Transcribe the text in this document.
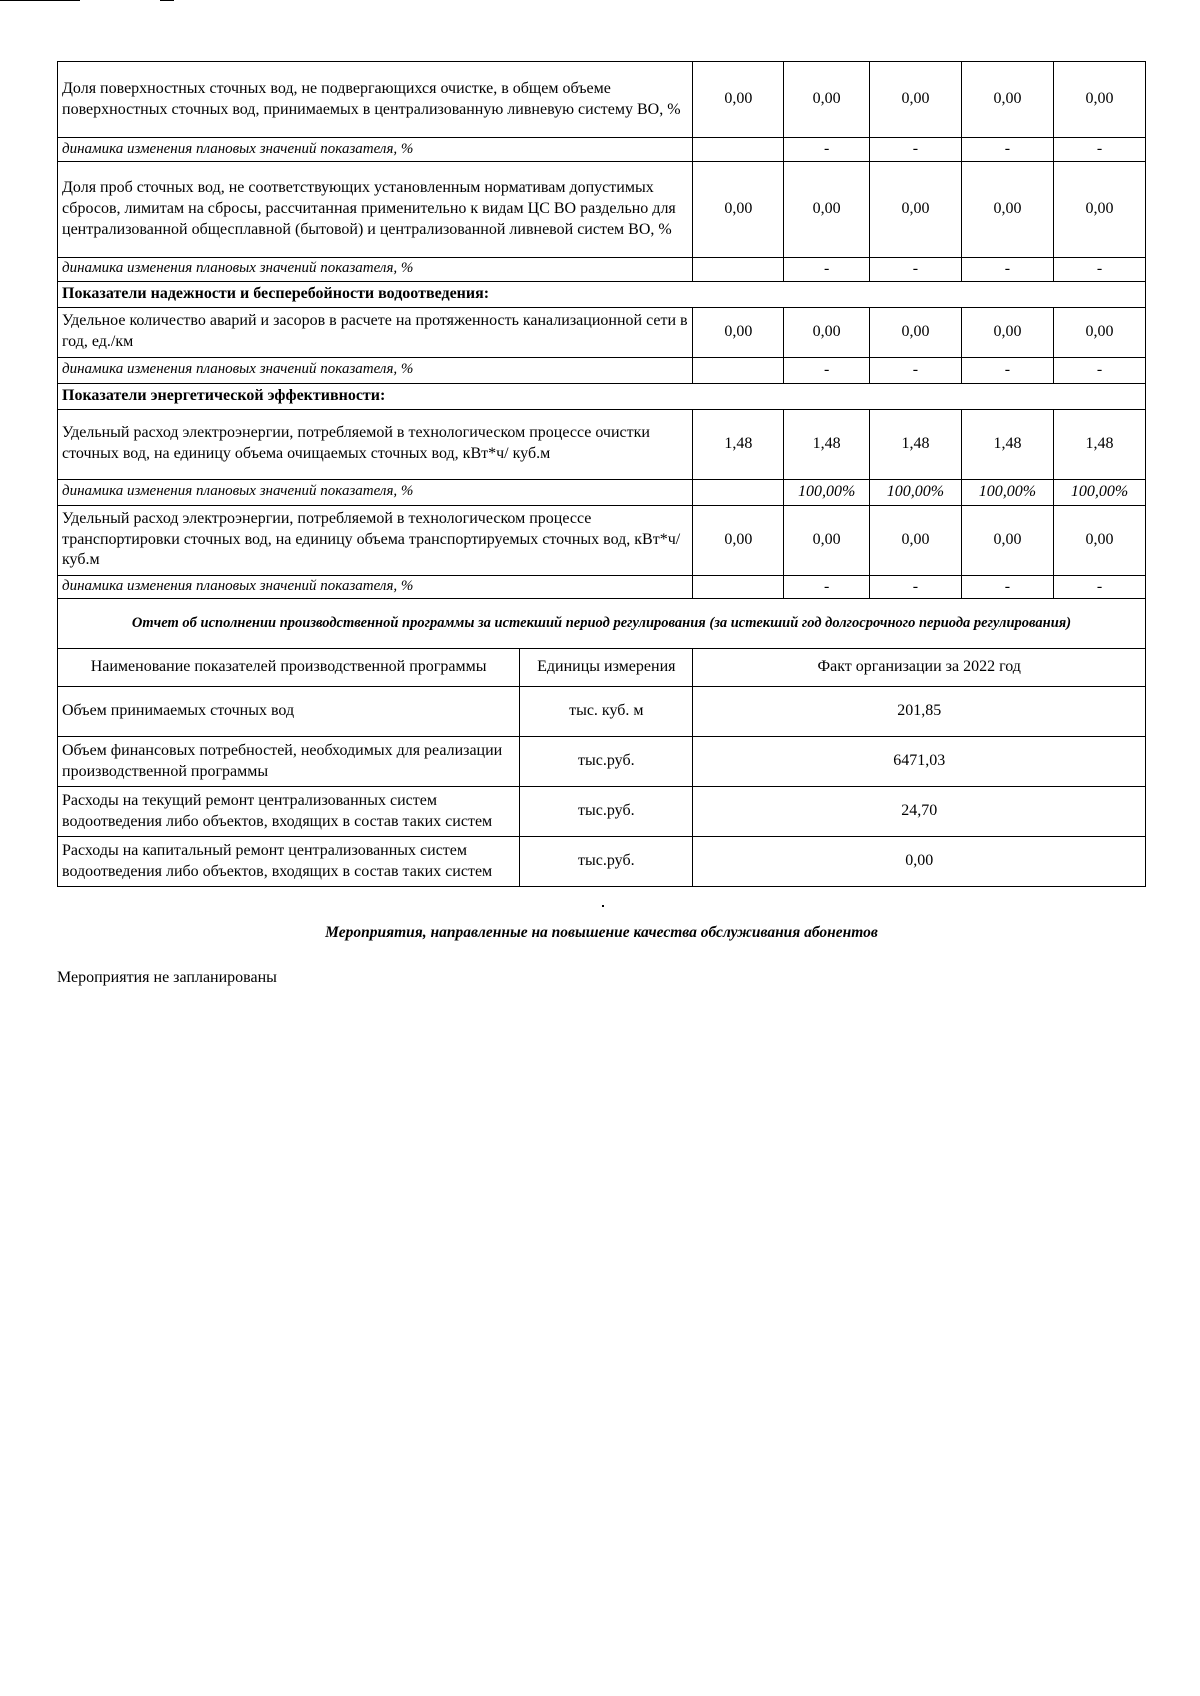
Доля поверхностных сточных вод, не подвергающихся очистке, в общем объеме поверхностных сточных вод, принимаемых в централизованную ливневую систему ВО, %		0,00	0,00	0,00	0,00	0,00
динамика изменения плановых значений показателя, %			-	-	-	-
Доля проб сточных вод, не соответствующих установленным нормативам допустимых сбросов, лимитам на сбросы, рассчитанная применительно к видам ЦС ВО раздельно для централизованной общесплавной (бытовой) и централизованной ливневой систем ВО, %		0,00	0,00	0,00	0,00	0,00
динамика изменения плановых значений показателя, %			-	-	-	-
Показатели надежности и бесперебойности водоотведения:						
Удельное количество аварий и засоров в расчете на протяженность канализационной сети в год, ед./км		0,00	0,00	0,00	0,00	0,00
динамика изменения плановых значений показателя, %			-	-	-	-
Показатели энергетической эффективности:						
Удельный расход электроэнергии, потребляемой в технологическом процессе очистки сточных вод, на единицу объема очищаемых сточных вод, кВт*ч/ куб.м		1,48	1,48	1,48	1,48	1,48
динамика изменения плановых значений показателя, %			100,00%	100,00%	100,00%	100,00%
Удельный расход электроэнергии, потребляемой в технологическом процессе транспортировки сточных вод, на единицу объема транспортируемых сточных вод, кВт*ч/ куб.м		0,00	0,00	0,00	0,00	0,00
динамика изменения плановых значений показателя, %			-	-	-	-
Отчет об исполнении производственной программы за истекший период регулирования (за истекший год долгосрочного периода регулирования)						
Наименование показателей производственной программы	Единицы измерения	Факт организации за 2022 год				
Объем принимаемых сточных вод	тыс. куб. м	201,85				
Объем финансовых потребностей, необходимых для реализации производственной программы	тыс.руб.	6471,03				
Расходы на текущий ремонт централизованных систем водоотведения либо объектов, входящих в состав таких систем	тыс.руб.	24,70				
Расходы на капитальный ремонт централизованных систем водоотведения либо объектов, входящих в состав таких систем	тыс.руб.	0,00				
Мероприятия, направленные на повышение качества обслуживания абонентов
Мероприятия не запланированы
